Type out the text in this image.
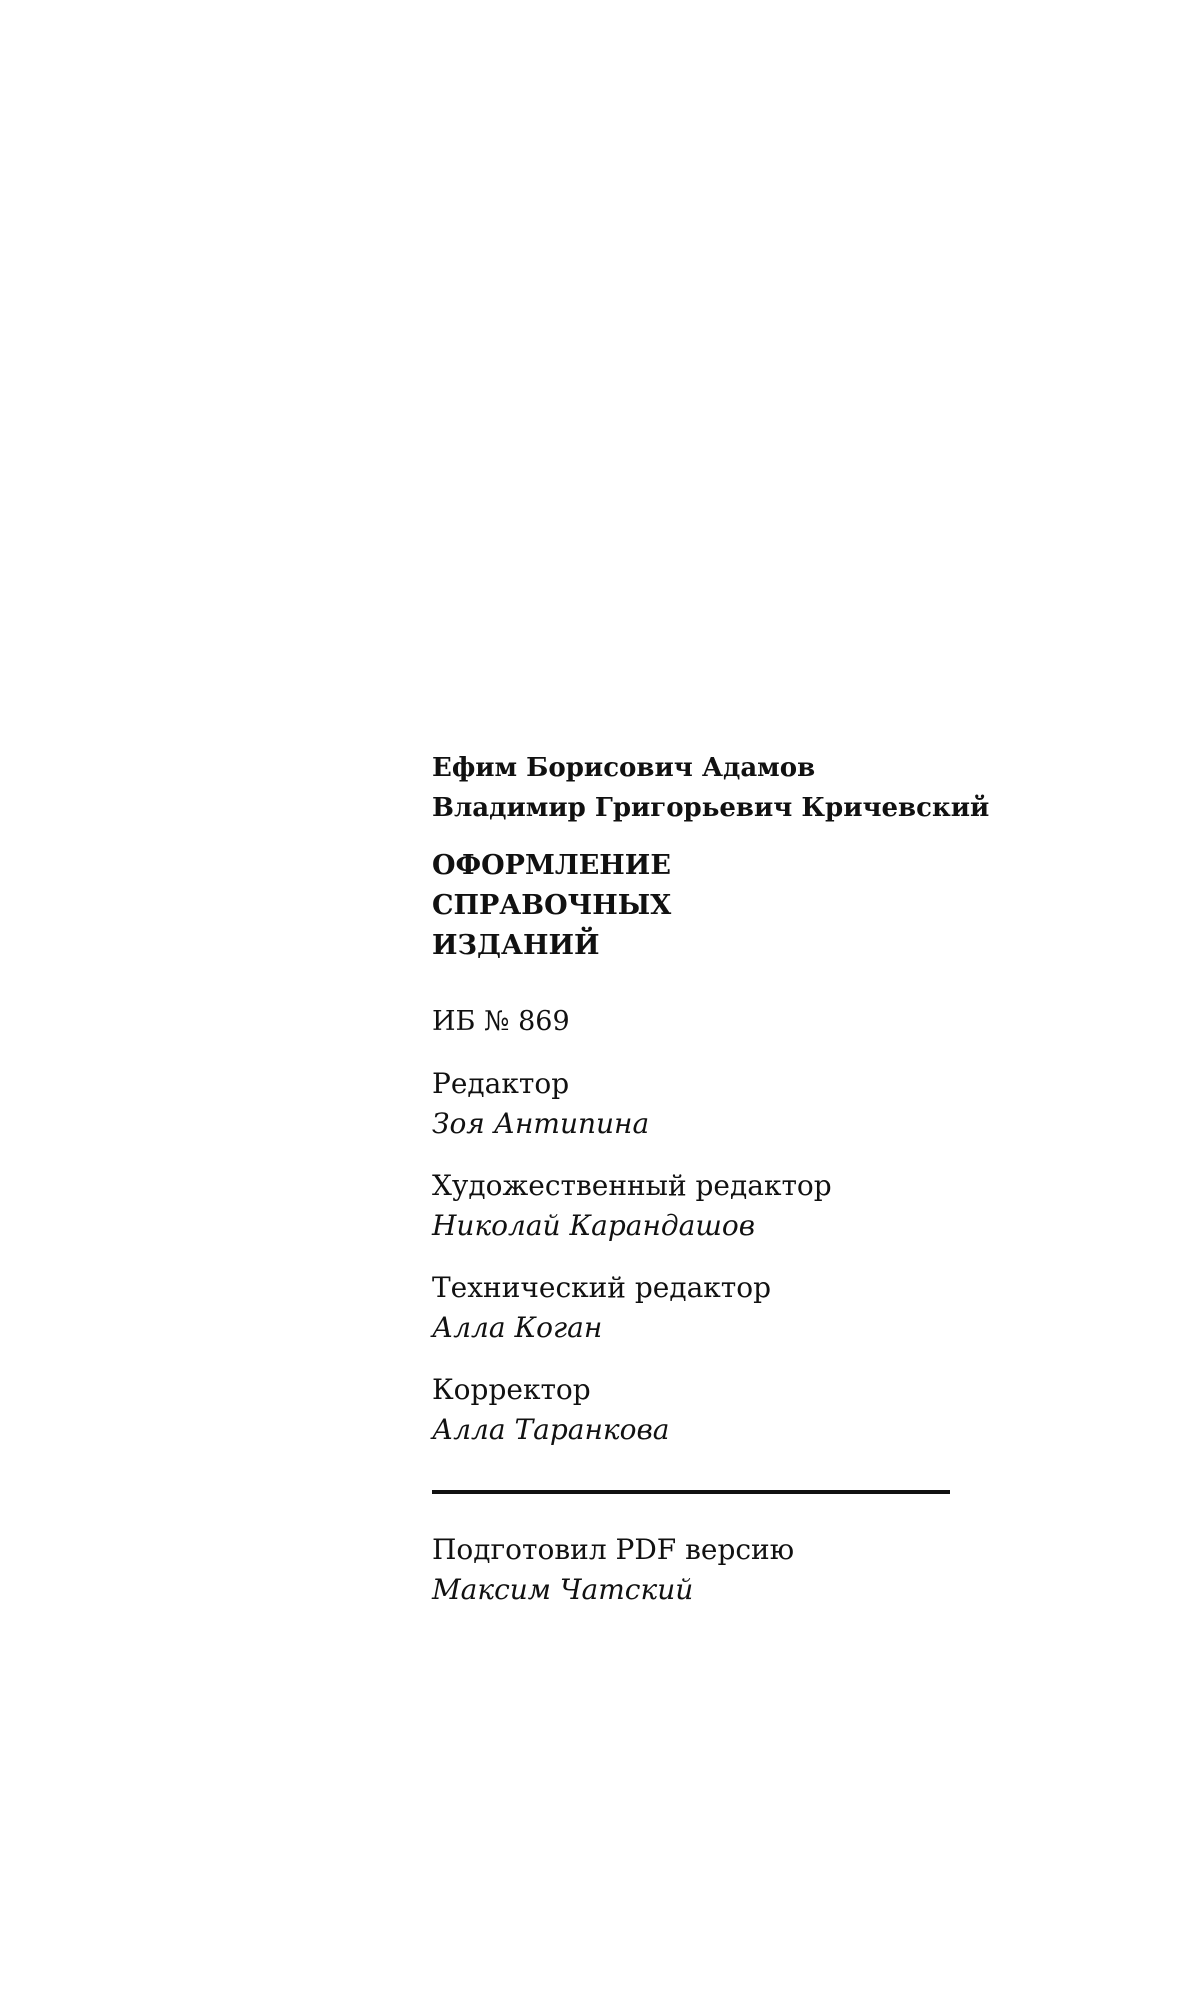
Ефим Борисович Адамов

Владимир Григорьевич Кричевский

ОФОРМЛЕНИЕ
СПРАВОЧНЫХ
ИЗДАНИЙ

ИБ № 869

Редактор
Зоя Антипина
Художественный редактор
Николай Карандашов
Технический редактор
Алла Коган
Корректор
Алла Таранкова
Подготовил PDF версию
Максим Чатский
